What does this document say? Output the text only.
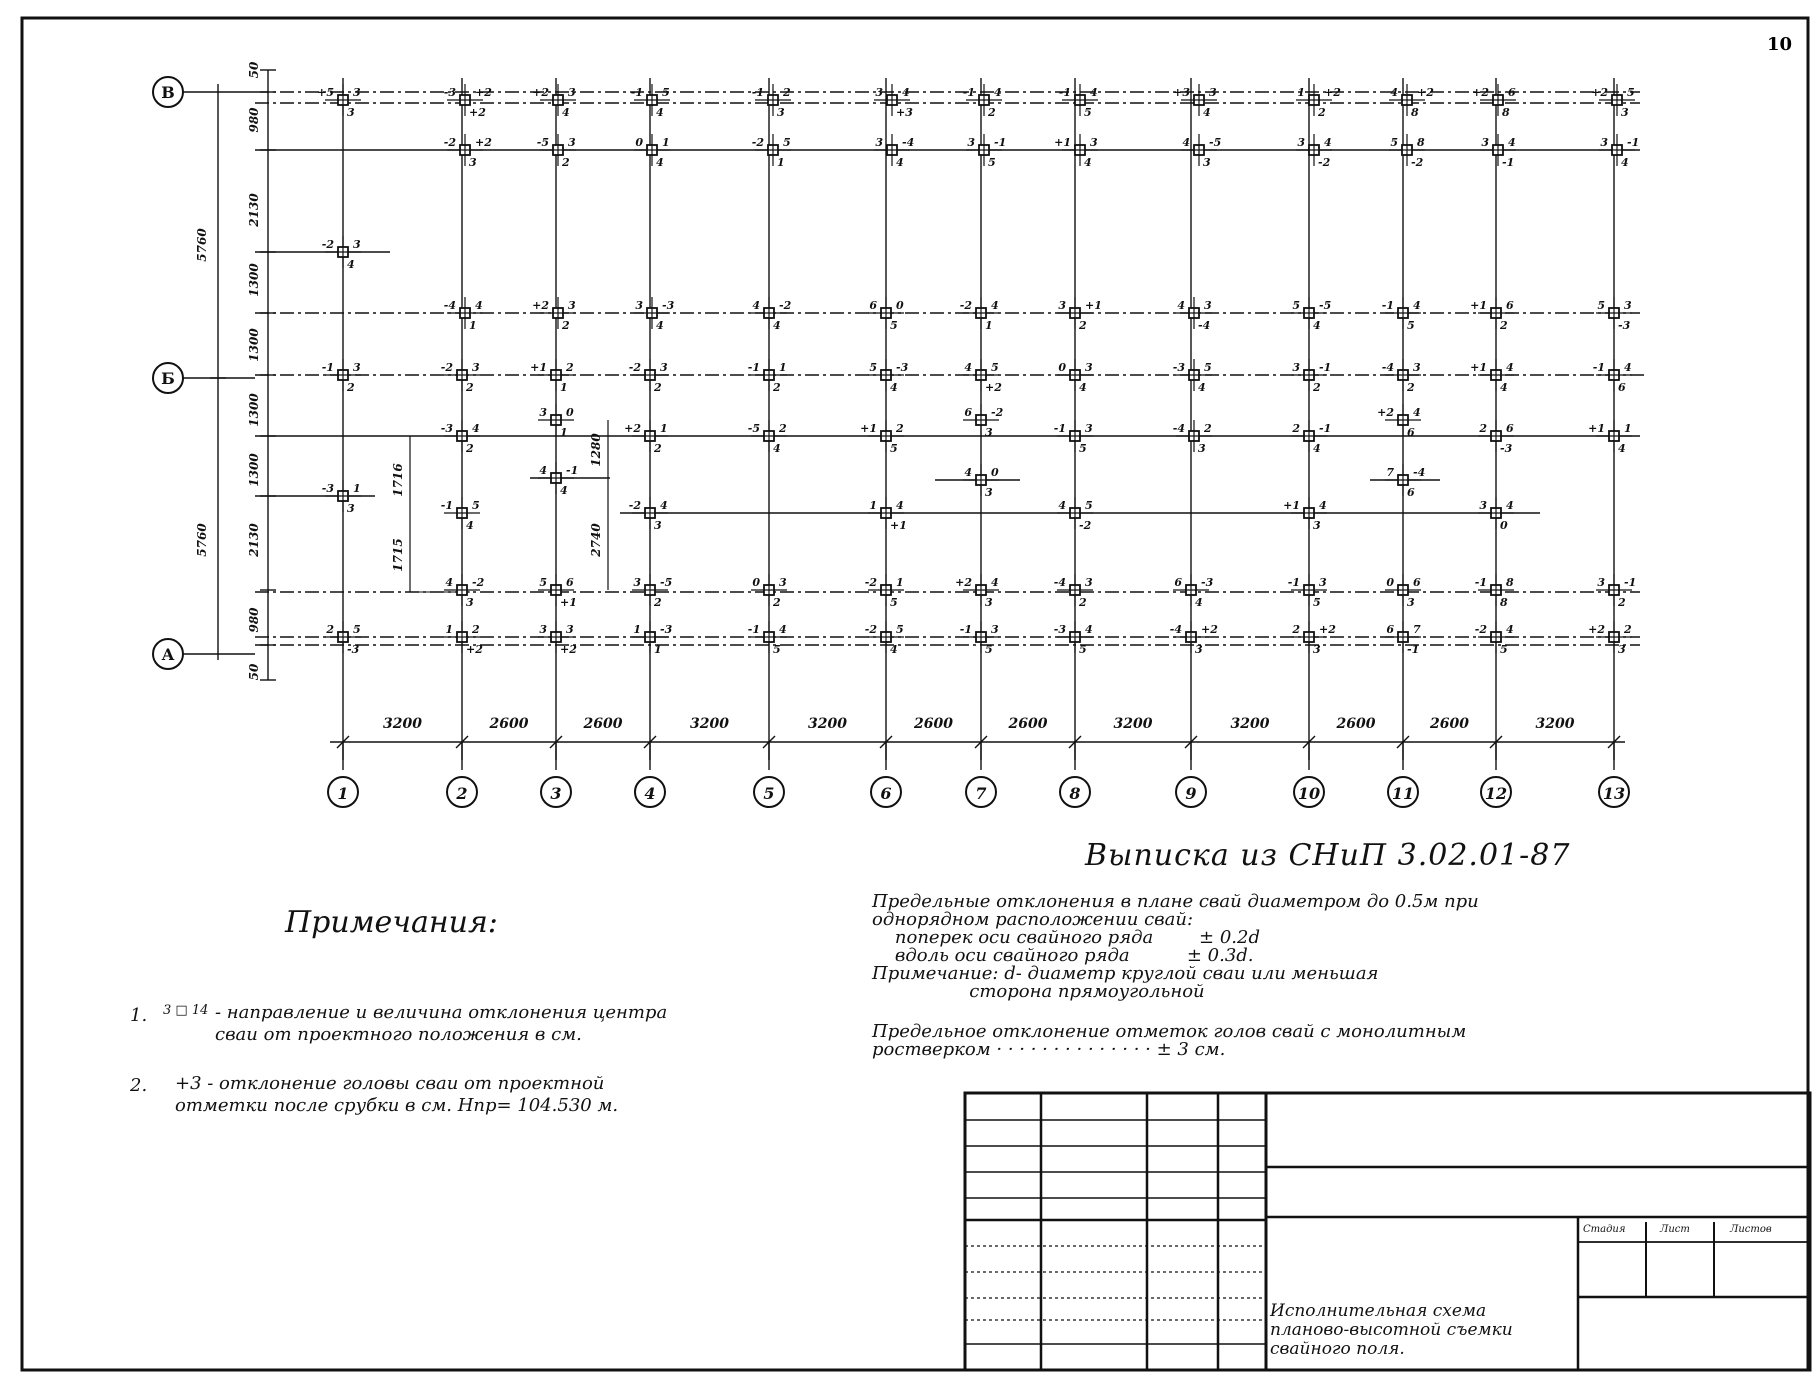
10
50
980
2130
1300
1300
1300
1300
2130
980
50
5760
5760
1716
1715
1280
2740
3200	2600	2600	3200	3200	2600	2600	3200	3200	2600	2600	3200
+5 3
3
-3 +2
+2
+2 3
4
-1 5
4
-1 2
3
3 4
+3
-1 4
2
-1 4
5
+3 3
4
1 +2
2
4 +2
8
+2 6
8
+2 5
3
-2 +2
3
-5 3
2
0 1
4
-2 5
1
3 -4
4
3 -1
5
+1 3
4
4 -5
3
3 4
-2
5 8
-2
3 4
-1
3 -1
4
-2 3
4
-4 4
1
+2 3
2
3 -3
4
4 -2
4
6 0
5
-2 4
1
3 +1
2
4 3
-4
5 -5
4
-1 4
5
+1 6
2
5 3
-3
-1 3
2
-2 3
2
+1 2
1
-2 3
2
-1 1
2
5 -3
4
4 5
+2
0 3
4
-3 5
4
3 -1
2
-4 3
2
+1 4
4
-1 4
6
-3 4
2
3 0
1	+2 1
2
-5 2
4
+1 2
5
6 -2
3	-1 3
5
-4 2
3
2 -1
4
+2 4
6	2 6
-3
+1 1
4
-3 1
3
4 -1
4
4 0
3
7 -4
6
-1 5
4
-2 4
3
1 4
+1
4 5
-2
+1 4
3
3 4
0
4 -2
3
5 6
+1
3 -5
2
0 3
2
-2 1
5
+2 4
3
-4 3
2
6 -3
4
-1 3
5
0 6
3
-1 8
8
3 -1
2
2 5
-3
1 2
+2
3 3
+2
1 -3
1
-1 4
5
-2 5
4
-1 3
5
-3 4
5
-4 +2
3
2 +2
3
6 7
-1
-2 4
5
+2 2
3
1	2	3	4	5	6	7	8	9	10	11	12	13
В
Б
А
Примечания:
1. 3 □ 14 - направление и величина отклонения центра
сваи от проектного положения в см.
2. +3 - отклонение головы сваи от проектной
отметки после срубки в см. Нпр= 104.530 м.
Выписка из СНиП 3.02.01-87
Предельные отклонения в плане свай диаметром до 0.5м при
однорядном расположении свай:
поперек оси свайного ряда        ± 0.2d
вдоль оси свайного ряда          ± 0.3d.
Примечание: d- диаметр круглой сваи или меньшая
сторона прямоугольной
Предельное отклонение отметок голов свай с монолитным
ростверком · · · · · · · · · · · · · · ± 3 см.
Стадия	Лист	Листов
Исполнительная схема
планово-высотной съемки
свайного поля.
